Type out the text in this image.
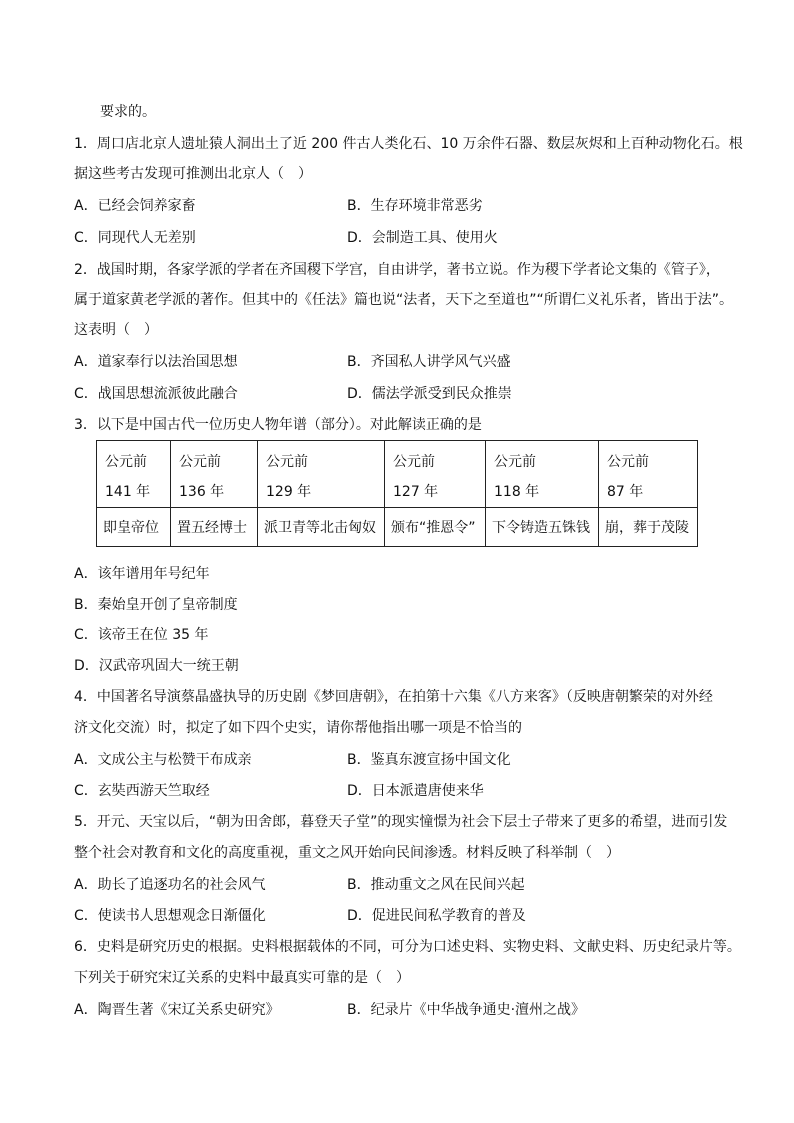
要求的。
1．周口店北京人遗址猿人洞出土了近 200 件古人类化石、10 万余件石器、数层灰烬和上百种动物化石。根
据这些考古发现可推测出北京人（　）
A．已经会饲养家畜	B．生存环境非常恶劣
C．同现代人无差别	D．会制造工具、使用火
2．战国时期，各家学派的学者在齐国稷下学宫，自由讲学，著书立说。作为稷下学者论文集的《管子》，
属于道家黄老学派的著作。但其中的《任法》篇也说“法者，天下之至道也”“所谓仁义礼乐者，皆出于法”。
这表明（　）
A．道家奉行以法治国思想	B．齐国私人讲学风气兴盛
C．战国思想流派彼此融合	D．儒法学派受到民众推崇
3．以下是中国古代一位历史人物年谱（部分）。对此解读正确的是
公元前
141 年	公元前
136 年	公元前
129 年	公元前
127 年	公元前
118 年	公元前
87 年

即皇帝位	置五经博士	派卫青等北击匈奴	颁布“推恩令”	下令铸造五铢钱	崩，葬于茂陵
A．该年谱用年号纪年
B．秦始皇开创了皇帝制度
C．该帝王在位 35 年
D．汉武帝巩固大一统王朝
4．中国著名导演蔡晶盛执导的历史剧《梦回唐朝》，在拍第十六集《八方来客》（反映唐朝繁荣的对外经
济文化交流）时，拟定了如下四个史实，请你帮他指出哪一项是不恰当的
A．文成公主与松赞干布成亲	B．鉴真东渡宣扬中国文化
C．玄奘西游天竺取经	D．日本派遣唐使来华
5．开元、天宝以后，“朝为田舍郎，暮登天子堂”的现实憧憬为社会下层士子带来了更多的希望，进而引发
整个社会对教育和文化的高度重视，重文之风开始向民间渗透。材料反映了科举制（　）
A．助长了追逐功名的社会风气	B．推动重文之风在民间兴起
C．使读书人思想观念日渐僵化	D．促进民间私学教育的普及
6．史料是研究历史的根据。史料根据载体的不同，可分为口述史料、实物史料、文献史料、历史纪录片等。
下列关于研究宋辽关系的史料中最真实可靠的是（　）
A．陶晋生著《宋辽关系史研究》	B．纪录片《中华战争通史·澶州之战》
